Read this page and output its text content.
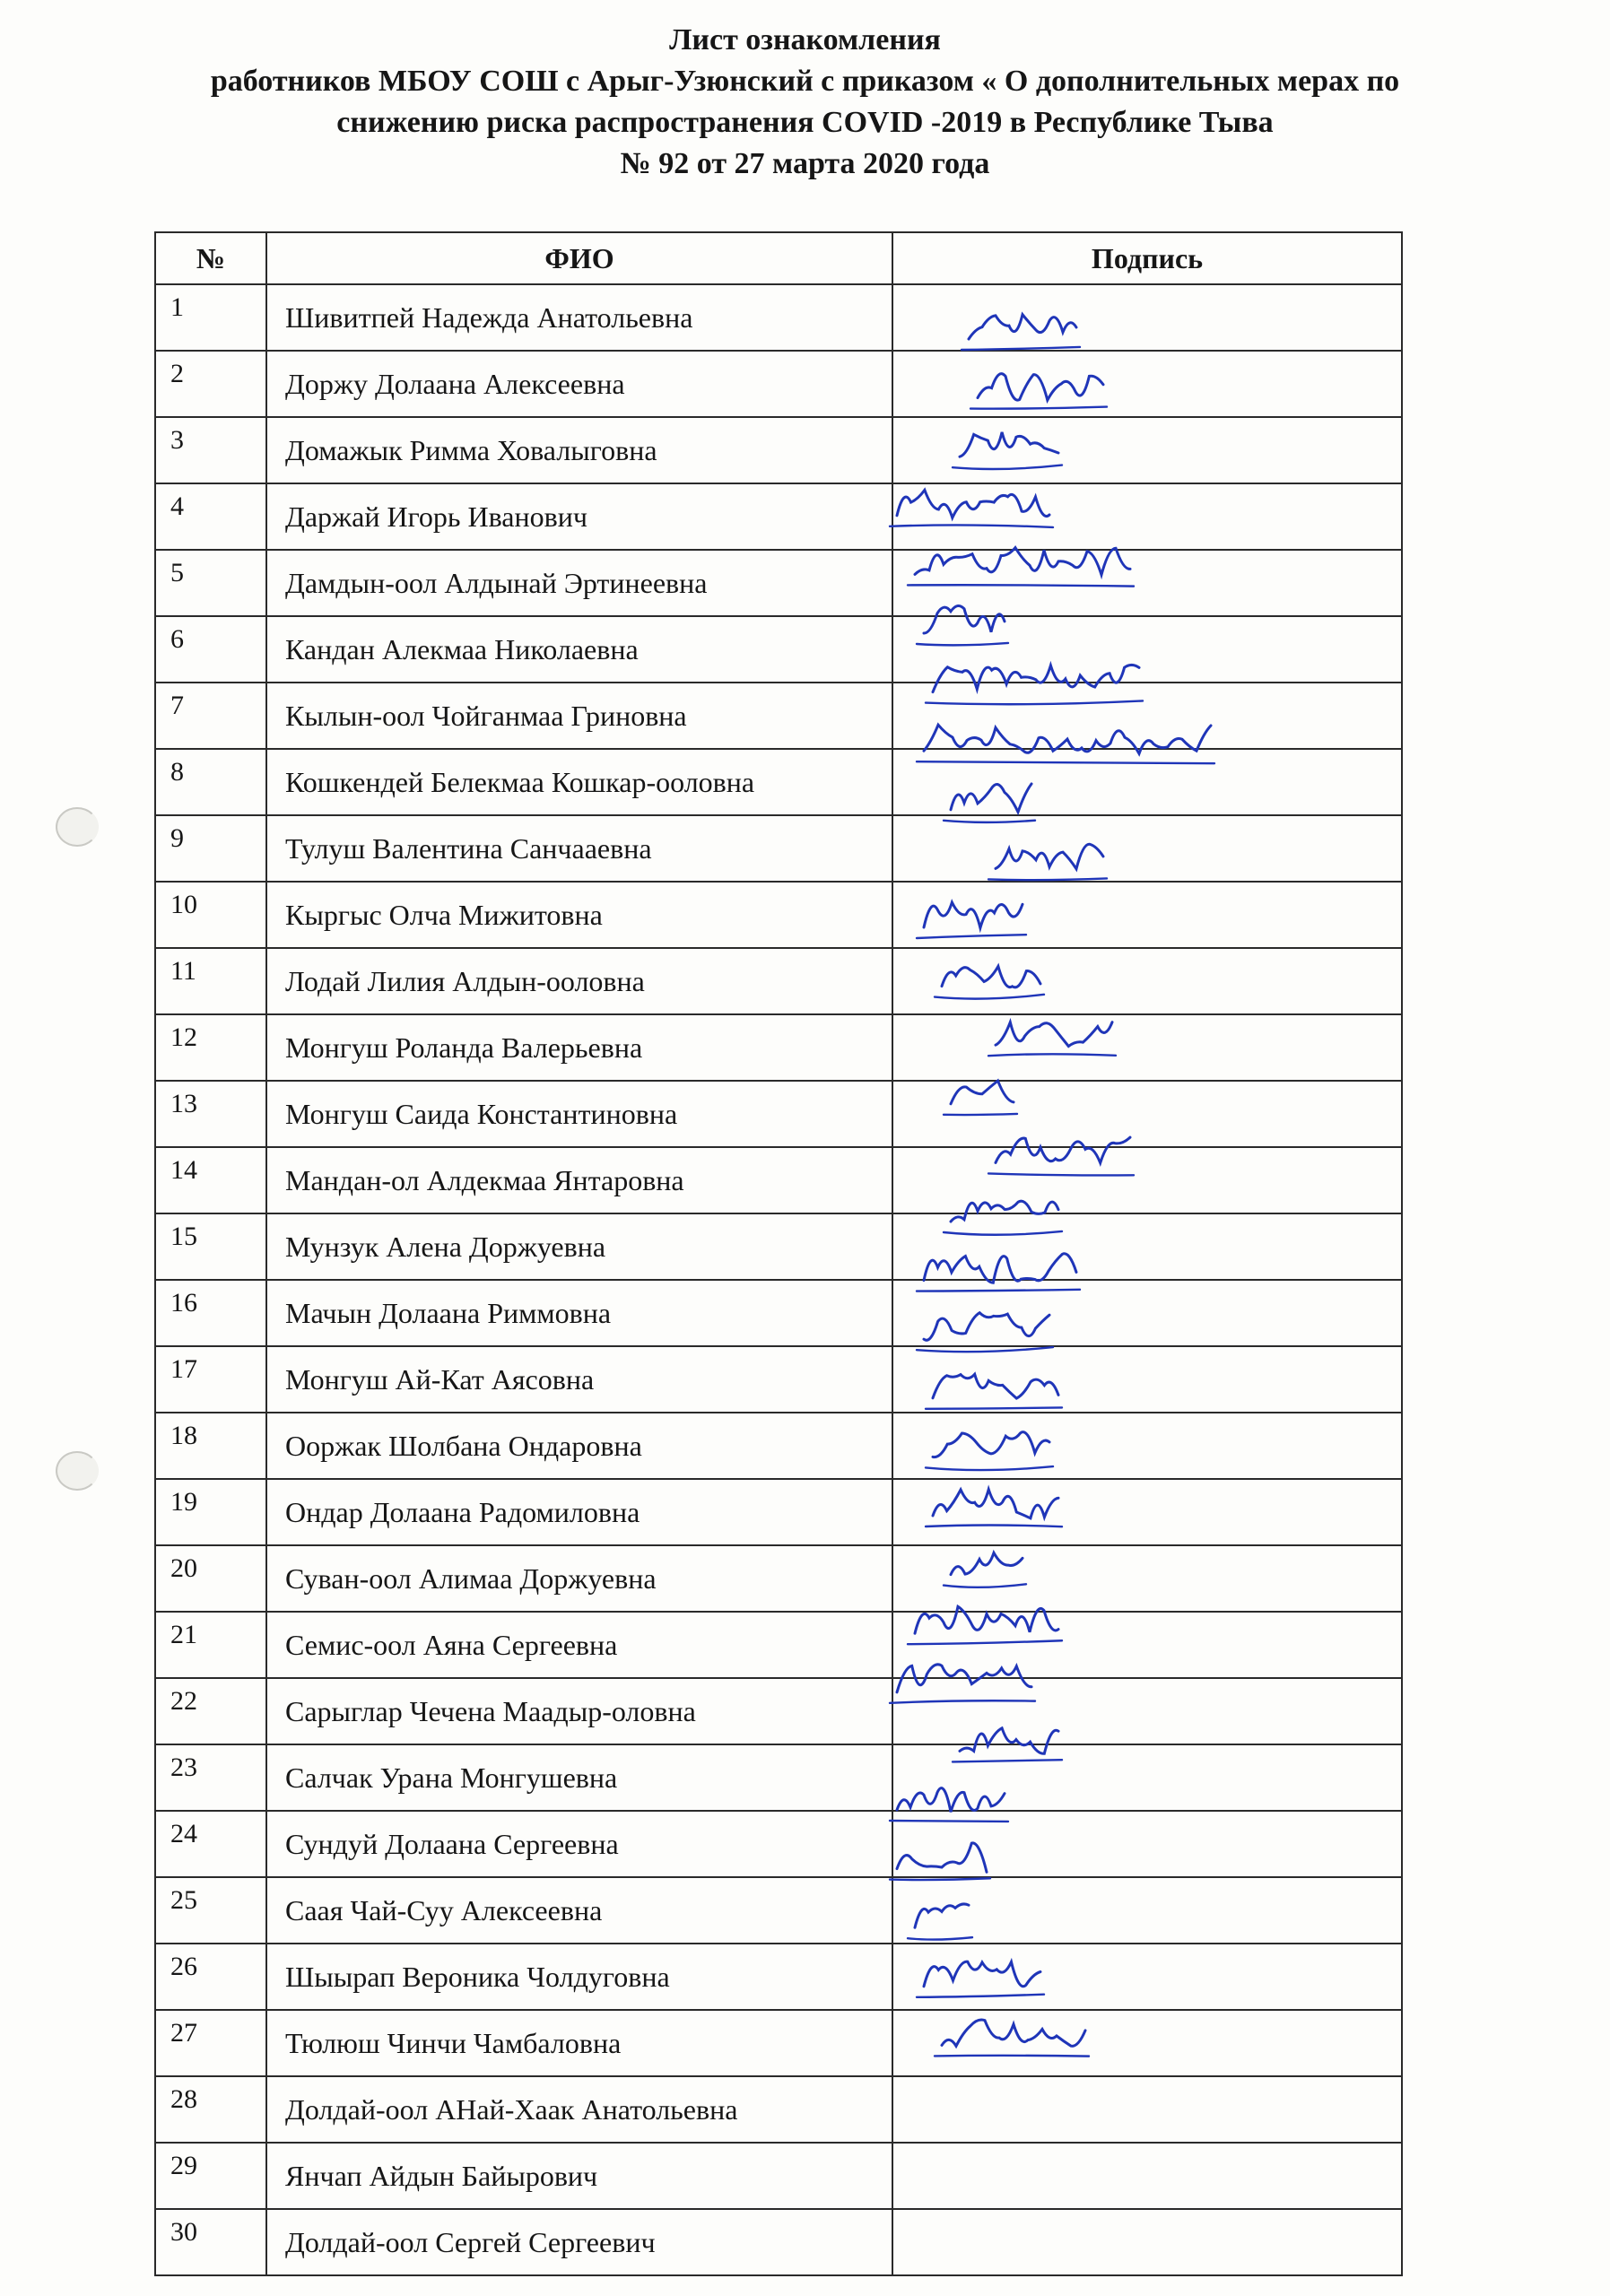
Лист ознакомления
работников МБОУ СОШ с Арыг-Узюнский с приказом « О дополнительных мерах по
снижению риска распространения COVID -2019 в Республике Тыва
№ 92 от 27 марта 2020 года
№	ФИО	Подпись
1	Шивитпей Надежда Анатольевна	
2	Доржу Долаана Алексеевна	
3	Домажык Римма Ховалыговна	
4	Даржай Игорь Иванович	
5	Дамдын-оол Алдынай Эртинеевна	
6	Кандан Алекмаа Николаевна	
7	Кылын-оол Чойганмаа Гриновна	
8	Кошкендей Белекмаа Кошкар-ооловна	
9	Тулуш Валентина Санчааевна	
10	Кыргыс Олча Мижитовна	
11	Лодай Лилия Алдын-ооловна	
12	Монгуш Роланда Валерьевна	
13	Монгуш Саида Константиновна	
14	Мандан-ол Алдекмаа Янтаровна	
15	Мунзук Алена Доржуевна	
16	Мачын Долаана Риммовна	
17	Монгуш Ай-Кат Аясовна	
18	Ооржак Шолбана Ондаровна	
19	Ондар Долаана Радомиловна	
20	Суван-оол Алимаа Доржуевна	
21	Семис-оол Аяна Сергеевна	
22	Сарыглар Чечена Маадыр-оловна	
23	Салчак Урана Монгушевна	
24	Сундуй Долаана Сергеевна	
25	Саая Чай-Суу Алексеевна	
26	Шыырап Вероника Чолдуговна	
27	Тюлюш Чинчи Чамбаловна	
28	Долдай-оол АНай-Хаак Анатольевна	
29	Янчап Айдын Байырович	
30	Долдай-оол Сергей Сергеевич	
